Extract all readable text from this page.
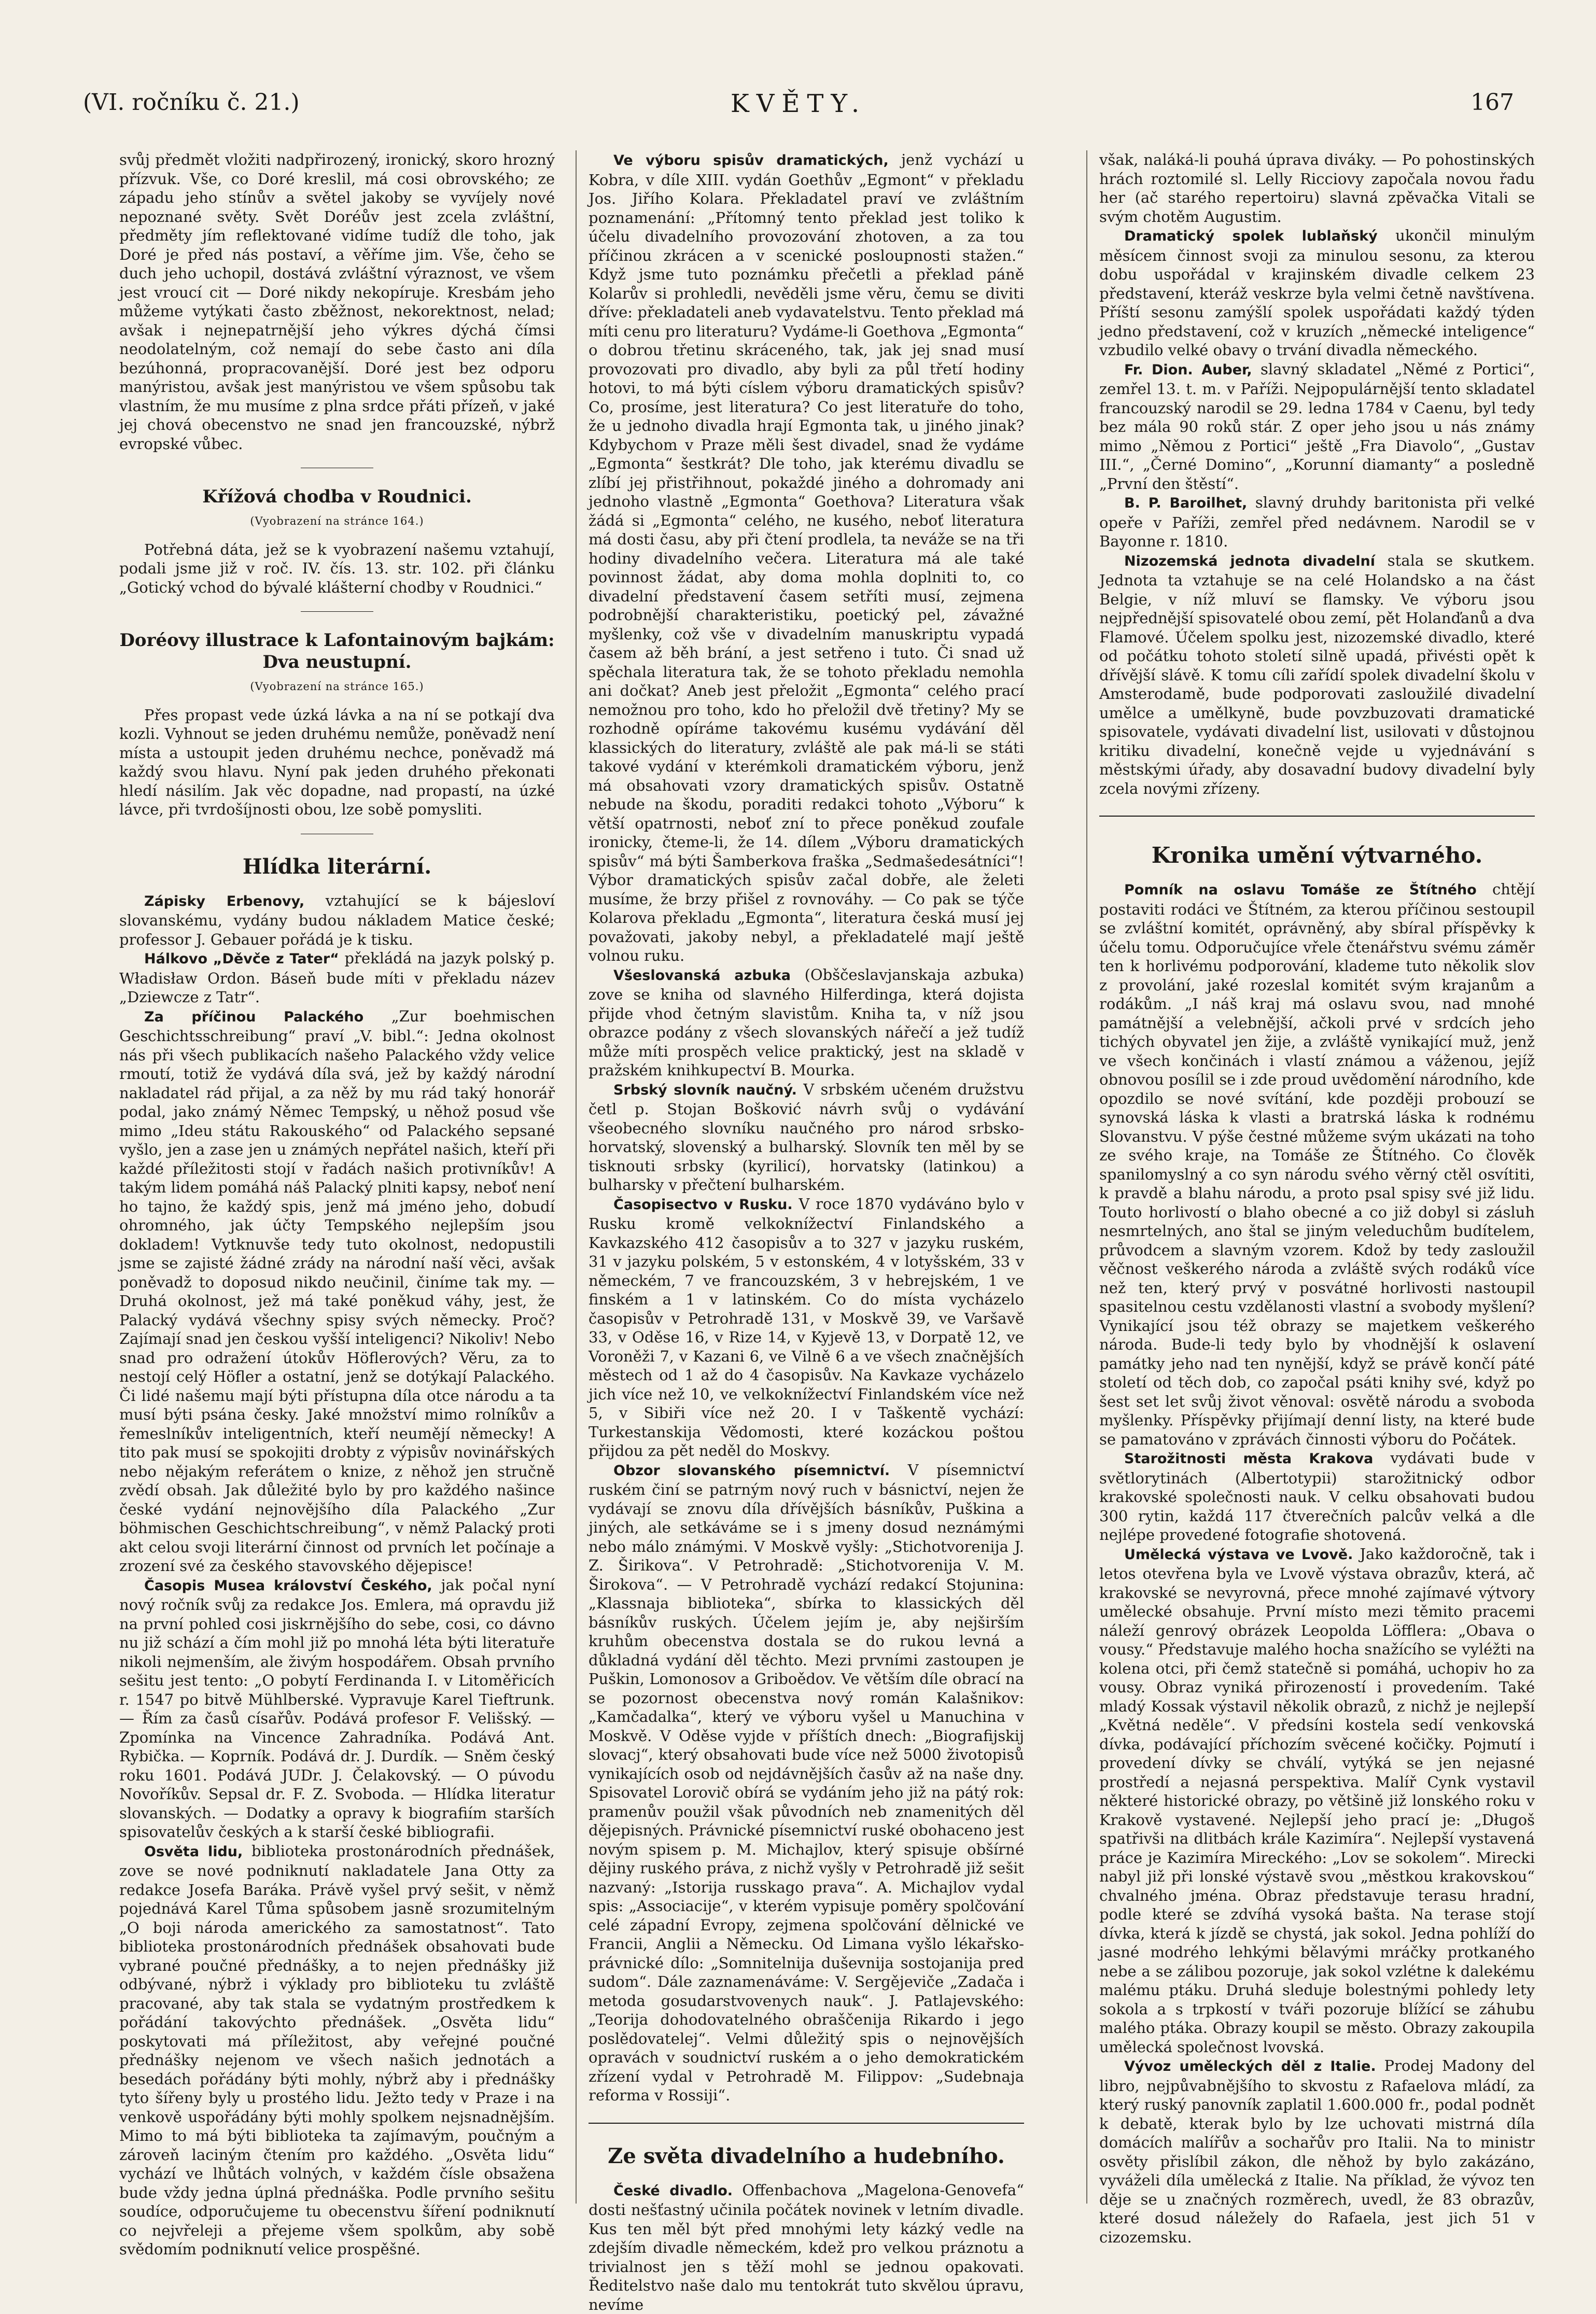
(VI. ročníku č. 21.)	KVĚTY.	167

svůj předmět vložiti nadpřirozený, ironický, skoro hrozný přízvuk. Vše, co Doré kreslil, má cosi obrovského; ze západu jeho stínův a světel jakoby se vyvíjely nové nepoznané světy. Svět Doréův jest zcela zvláštní, předměty jím reflektované vidíme tudíž dle toho, jak Doré je před nás postaví, a věříme jim. Vše, čeho se duch jeho uchopil, dostává zvláštní výraznost, ve všem jest vroucí cit — Doré nikdy nekopíruje. Kresbám jeho můžeme vytýkati často zběžnost, nekorektnost, nelad; avšak i nejnepatrnější jeho výkres dýchá čímsi neodolatelným, což nemají do sebe často ani díla bezúhonná, propracovanější. Doré jest bez odporu manýristou, avšak jest manýristou ve všem spůsobu tak vlastním, že mu musíme z plna srdce přáti přízeň, v jaké jej chová obecenstvo ne snad jen francouzské, nýbrž evropské vůbec.

Křížová chodba v Roudnici.
(Vyobrazení na stránce 164.)

Potřebná dáta, jež se k vyobrazení našemu vztahují, podali jsme již v roč. IV. čís. 13. str. 102. při článku „Gotický vchod do bývalé klášterní chodby v Roudnici.“

Doréovy illustrace k Lafontainovým bajkám: Dva neustupní.
(Vyobrazení na stránce 165.)

Přes propast vede úzká lávka a na ní se potkají dva kozli. Vyhnout se jeden druhému nemůže, poněvadž není místa a ustoupit jeden druhému nechce, poněvadž má každý svou hlavu. Nyní pak jeden druhého překonati hledí násilím. Jak věc dopadne, nad propastí, na úzké lávce, při tvrdošíjnosti obou, lze sobě pomysliti.

Hlídka literární.

Zápisky Erbenovy, vztahující se k bájesloví slovanskému, vydány budou nákladem Matice české; professor J. Gebauer pořádá je k tisku.

Hálkovo „Děvče z Tater“ překládá na jazyk polský p. Władisław Ordon. Báseň bude míti v překladu název „Dziewcze z Tatr“.

Za příčinou Palackého „Zur boehmischen Geschichtsschreibung“ praví „V. bibl.“: Jedna okolnost nás při všech publikacích našeho Palackého vždy velice rmoutí, totiž že vydává díla svá, jež by každý národní nakladatel rád přijal, a za něž by mu rád taký honorář podal, jako známý Němec Tempský, u něhož posud vše mimo „Ideu státu Rakouského“ od Palackého sepsané vyšlo, jen a zase jen u známých nepřátel našich, kteří při každé příležitosti stojí v řadách našich protivníkův! A takým lidem pomáhá náš Palacký plniti kapsy, neboť není ho tajno, že každý spis, jenž má jméno jeho, dobudí ohromného, jak účty Tempského nejlepším jsou dokladem! Vytknuvše tedy tuto okolnost, nedopustili jsme se zajisté žádné zrády na národní naší věci, avšak poněvadž to doposud nikdo neučinil, činíme tak my. — Druhá okolnost, jež má také poněkud váhy, jest, že Palacký vydává všechny spisy svých německy. Proč? Zajímají snad jen českou vyšší inteligenci? Nikoliv! Nebo snad pro odražení útokův Höflerových? Věru, za to nestojí celý Höfler a ostatní, jenž se dotýkají Palackého. Či lidé našemu mají býti přístupna díla otce národu a ta musí býti psána česky. Jaké množství mimo rolníkův a řemeslníkův inteligentních, kteří neumějí německy! A tito pak musí se spokojiti drobty z výpisův novinářských nebo nějakým referátem o knize, z něhož jen stručně zvědí obsah. Jak důležité bylo by pro každého našince české vydání nejnovějšího díla Palackého „Zur böhmischen Geschichtschreibung“, v němž Palacký proti akt celou svoji literární činnost od prvních let počínaje a zrození své za českého stavovského dějepisce!

Časopis Musea království Českého, jak počal nyní nový ročník svůj za redakce Jos. Emlera, má opravdu již na první pohled cosi jiskrnějšího do sebe, cosi, co dávno nu již schází a čím mohl již po mnohá léta býti literatuře nikoli nejmenším, ale živým hospodářem. Obsah prvního sešitu jest tento: „O pobytí Ferdinanda I. v Litoměřicích r. 1547 po bitvě Mühlberské. Vypravuje Karel Tieftrunk. — Řím za časů císařův. Podává profesor F. Velišský. — Zpomínka na Vincence Zahradníka. Podává Ant. Rybička. — Koprník. Podává dr. J. Durdík. — Sněm český roku 1601. Podává JUDr. J. Čelakovský. — O púvodu Novoříkův. Sepsal dr. F. Z. Svoboda. — Hlídka literatur slovanských. — Dodatky a opravy k biografiím starších spisovatelův českých a k starší české bibliografii.

Osvěta lidu, biblioteka prostonárodních přednášek, zove se nové podniknutí nakladatele Jana Otty za redakce Josefa Baráka. Právě vyšel prvý sešit, v němž pojednává Karel Tůma spůsobem jasně srozumitelným „O boji národa amerického za samostatnost“. Tato biblioteka prostonárodních přednášek obsahovati bude vybrané poučné přednášky, a to nejen přednášky již odbývané, nýbrž i výklady pro biblioteku tu zvláště pracované, aby tak stala se vydatným prostředkem k pořádání takovýchto přednášek. „Osvěta lidu“ poskytovati má příležitost, aby veřejné poučné přednášky nejenom ve všech našich jednotách a besedách pořádány býti mohly, nýbrž aby i přednášky tyto šířeny byly u prostého lidu. Ježto tedy v Praze i na venkově uspořádány býti mohly spolkem nejsnadnějším. Mimo to má býti biblioteka ta zajímavým, poučným a zároveň laciným čtením pro každého. „Osvěta lidu“ vychází ve lhůtách volných, v každém čísle obsažena bude vždy jedna úplná přednáška. Podle prvního sešitu soudíce, odporučujeme tu obecenstvu šíření podniknutí co nejvřeleji a přejeme všem spolkům, aby sobě svědomím podniknutí velice prospěšné.

Ve výboru spisův dramatických, jenž vychází u Kobra, v díle XIII. vydán Goethův „Egmont“ v překladu Jos. Jiřího Kolara. Překladatel praví ve zvláštním poznamenání: „Přítomný tento překlad jest toliko k účelu divadelního provozování zhotoven, a za tou příčinou zkrácen a v scenické posloupnosti stažen.“ Když jsme tuto poznámku přečetli a překlad páně Kolarův si prohledli, nevěděli jsme věru, čemu se diviti dříve: překladateli aneb vydavatelstvu. Tento překlad má míti cenu pro literaturu? Vydáme-li Goethova „Egmonta“ o dobrou třetinu skráceného, tak, jak jej snad musí provozovati pro divadlo, aby byli za půl třetí hodiny hotovi, to má býti císlem výboru dramatických spisův? Co, prosíme, jest literatura? Co jest literatuře do toho, že u jednoho divadla hrají Egmonta tak, u jiného jinak? Kdybychom v Praze měli šest divadel, snad že vydáme „Egmonta“ šestkrát? Dle toho, jak kterému divadlu se zlíbí jej přistřihnout, pokaždé jiného a dohromady ani jednoho vlastně „Egmonta“ Goethova? Literatura však žádá si „Egmonta“ celého, ne kusého, neboť literatura má dosti času, aby při čtení prodlela, ta neváže se na tři hodiny divadelního večera. Literatura má ale také povinnost žádat, aby doma mohla doplniti to, co divadelní představení časem setříti musí, zejmena podrobnější charakteristiku, poetický pel, závažné myšlenky, což vše v divadelním manuskriptu vypadá časem až běh brání, a jest setřeno i tuto. Či snad už spěchala literatura tak, že se tohoto překladu nemohla ani dočkat? Aneb jest přeložit „Egmonta“ celého prací nemožnou pro toho, kdo ho přeložil dvě třetiny? My se rozhodně opíráme takovému kusému vydávání děl klassických do literatury, zvláště ale pak má-li se státi takové vydání v kterémkoli dramatickém výboru, jenž má obsahovati vzory dramatických spisův. Ostatně nebude na škodu, poraditi redakci tohoto „Výboru“ k větší opatrnosti, neboť zní to přece poněkud zoufale ironicky, čteme-li, že 14. dílem „Výboru dramatických spisův“ má býti Šamberkova fraška „Sedmašedesátníci“! Výbor dramatických spisův začal dobře, ale želeti musíme, že brzy přišel z rovnováhy. — Co pak se týče Kolarova překladu „Egmonta“, literatura česká musí jej považovati, jakoby nebyl, a překladatelé mají ještě volnou ruku.

Všeslovanská azbuka (Obščeslavjanskaja azbuka) zove se kniha od slavného Hilferdinga, která dojista přijde vhod četným slavistům. Kniha ta, v níž jsou obrazce podány z všech slovanských nářečí a jež tudíž může míti prospěch velice praktický, jest na skladě v pražském knihkupectví B. Mourka.

Srbský slovník naučný. V srbském učeném družstvu četl p. Stojan Bošković návrh svůj o vydávání všeobecného slovníku naučného pro národ srbsko-horvatský, slovenský a bulharský. Slovník ten měl by se tisknouti srbsky (kyrilicí), horvatsky (latinkou) a bulharsky v přečtení bulharském.

Časopisectvo v Rusku. V roce 1870 vydáváno bylo v Rusku kromě velkoknížectví Finlandského a Kavkazského 412 časopisův a to 327 v jazyku ruském, 31 v jazyku polském, 5 v estonském, 4 v lotyšském, 33 v německém, 7 ve francouzském, 3 v hebrejském, 1 ve finském a 1 v latinském. Co do místa vycházelo časopisův v Petrohradě 131, v Moskvě 39, ve Varšavě 33, v Oděse 16, v Rize 14, v Kyjevě 13, v Dorpatě 12, ve Voroněži 7, v Kazani 6, ve Vilně 6 a ve všech značnějších městech od 1 až do 4 časopisův. Na Kavkaze vycházelo jich více než 10, ve velkoknížectví Finlandském více než 5, v Sibiři více než 20. I v Taškentě vychází: Turkestanskija Vědomosti, které kozáckou poštou přijdou za pět neděl do Moskvy.

Obzor slovanského písemnictví. V písemnictví ruském činí se patrným nový ruch v básnictví, nejen že vydávají se znovu díla dřívějších básníkův, Puškina a jiných, ale setkáváme se i s jmeny dosud neznámými nebo málo známými. V Moskvě vyšly: „Stichotvorenija J. Z. Širikova“. V Petrohradě: „Stichotvorenija V. M. Širokova“. — V Petrohradě vychází redakcí Stojunina: „Klassnaja biblioteka“, sbírka to klassických děl básníkův ruských. Účelem jejím je, aby nejširším kruhům obecenstva dostala se do rukou levná a důkladná vydání děl těchto. Mezi prvními zastoupen je Puškin, Lomonosov a Griboědov. Ve větším díle obrací na se pozornost obecenstva nový román Kalašnikov: „Kamčadalka“, který ve výboru vyšel u Manuchina v Moskvě. V Oděse vyjde v příštích dnech: „Biografijskij slovacj“, který obsahovati bude více než 5000 životopisů vynikajících osob od nejdávnějších časův až na naše dny. Spisovatel Lorovič obírá se vydáním jeho již na pátý rok: pramenův použil však původních neb znamenitých děl dějepisných. Právnické písemnictví ruské obohaceno jest novým spisem p. M. Michajlov, který spisuje obšírné dějiny ruského práva, z nichž vyšly v Petrohradě již sešit nazvaný: „Istorija russkago prava“. A. Michajlov vydal spis: „Associacije“, v kterém vypisuje poměry spolčování celé západní Evropy, zejmena spolčování dělnické ve Francii, Anglii a Německu. Od Limana vyšlo lékařsko-právnické dílo: „Somnitelnija duševnija sostojanija pred sudom“. Dále zaznamenáváme: V. Sergějeviče „Zadača i metoda gosudarstvovenych nauk“. J. Patlajevského: „Teorija dohodovatelného obraščenija Rikardo i jego poslědovatelej“. Velmi důležitý spis o nejnovějších opravách v soudnictví ruském a o jeho demokratickém zřízení vydal v Petrohradě M. Filippov: „Sudebnaja reforma v Rossiji“.

Ze světa divadelního a hudebního.

České divadlo. Offenbachova „Magelona-Genovefa“ dosti nešťastný učinila počátek novinek v letním divadle. Kus ten měl být před mnohými lety kázký vedle na zdejším divadle německém, kdež pro velkou práznotu a trivialnost jen s těží mohl se jednou opakovati. Ředitelstvo naše dalo mu tentokrát tuto skvělou úpravu, nevíme

však, naláká-li pouhá úprava diváky. — Po pohostinských hrách roztomilé sl. Lelly Ricciovy započala novou řadu her (ač starého repertoiru) slavná zpěvačka Vitali se svým chotěm Augustim.

Dramatický spolek lublaňský ukončil minulým měsícem činnost svoji za minulou sesonu, za kterou dobu uspořádal v krajinském divadle celkem 23 představení, kteráž veskrze byla velmi četně navštívena. Příští sesonu zamýšlí spolek uspořádati každý týden jedno představení, což v kruzích „německé inteligence“ vzbudilo velké obavy o trvání divadla německého.

Fr. Dion. Auber, slavný skladatel „Němé z Portici“, zemřel 13. t. m. v Paříži. Nejpopulárnější tento skladatel francouzský narodil se 29. ledna 1784 v Caenu, byl tedy bez mála 90 roků stár. Z oper jeho jsou u nás známy mimo „Němou z Portici“ ještě „Fra Diavolo“, „Gustav III.“, „Černé Domino“, „Korunní diamanty“ a posledně „První den štěstí“.

B. P. Baroilhet, slavný druhdy baritonista při velké opeře v Paříži, zemřel před nedávnem. Narodil se v Bayonne r. 1810.

Nizozemská jednota divadelní stala se skutkem. Jednota ta vztahuje se na celé Holandsko a na část Belgie, v níž mluví se flamsky. Ve výboru jsou nejpřednější spisovatelé obou zemí, pět Holanďanů a dva Flamové. Účelem spolku jest, nizozemské divadlo, které od počátku tohoto století silně upadá, přivésti opět k dřívější slávě. K tomu cíli zařídí spolek divadelní školu v Amsterodamě, bude podporovati zasloužilé divadelní umělce a umělkyně, bude povzbuzovati dramatické spisovatele, vydávati divadelní list, usilovati v důstojnou kritiku divadelní, konečně vejde u vyjednávání s městskými úřady, aby dosavadní budovy divadelní byly zcela novými zřízeny.

Kronika umění výtvarného.

Pomník na oslavu Tomáše ze Štítného chtějí postaviti rodáci ve Štítném, za kterou příčinou sestoupil se zvláštní komitét, oprávněný, aby sbíral příspěvky k účelu tomu. Odporučujíce vřele čtenářstvu svému záměr ten k horlivému podporování, klademe tuto několik slov z provolání, jaké rozeslal komitét svým krajanům a rodákům. „I náš kraj má oslavu svou, nad mnohé památnější a velebnější, ačkoli prvé v srdcích jeho tichých obyvatel jen žije, a zvláště vynikající muž, jenž ve všech končinách i vlastí známou a váženou, jejíž obnovou posílil se i zde proud uvědomění národního, kde opozdilo se nové svítání, kde později probouzí se synovská láska k vlasti a bratrská láska k rodnému Slovanstvu. V pýše čestné můžeme svým ukázati na toho ze svého kraje, na Tomáše ze Štítného. Co člověk spanilomyslný a co syn národu svého věrný ctěl osvítiti, k pravdě a blahu národu, a proto psal spisy své již lidu. Touto horlivostí o blaho obecné a co již dobyl si zásluh nesmrtelných, ano štal se jiným veleduchům budítelem, průvodcem a slavným vzorem. Kdož by tedy zasloužil věčnost veškerého národa a zvláště svých rodáků více než ten, který prvý v posvátné horlivosti nastoupil spasitelnou cestu vzdělanosti vlastní a svobody myšlení? Vynikající jsou též obrazy se majetkem veškerého národa. Bude-li tedy bylo by vhodnější k oslavení památky jeho nad ten nynější, když se právě končí páté století od těch dob, co započal psáti knihy své, když po šest set let svůj život věnoval: osvětě národu a svoboda myšlenky. Příspěvky přijímají denní listy, na které bude se pamatováno v zprávách činnosti výboru do Počátek.

Starožitnosti města Krakova vydávati bude v světlorytinách (Albertotypii) starožitnický odbor krakovské společnosti nauk. V celku obsahovati budou 300 rytin, každá 117 čtverečních palcův velká a dle nejlépe provedené fotografie shotovená.

Umělecká výstava ve Lvově. Jako každoročně, tak i letos otevřena byla ve Lvově výstava obrazův, která, ač krakovské se nevyrovná, přece mnohé zajímavé výtvory umělecké obsahuje. První místo mezi těmito pracemi náleží genrový obrázek Leopolda Löfflera: „Obava o vousy.“ Představuje malého hocha snažícího se vyléžti na kolena otci, při čemž statečně si pomáhá, uchopiv ho za vousy. Obraz vyniká přirozeností i provedením. Také mladý Kossak výstavil několik obrazů, z nichž je nejlepší „Květná neděle“. V předsíni kostela sedí venkovská dívka, podávající příchozím svěcené kočičky. Pojmutí i provedení dívky se chválí, vytýká se jen nejasné prostředí a nejasná perspektiva. Malíř Cynk vystavil některé historické obrazy, po většině již lonského roku v Krakově vystavené. Nejlepší jeho prací je: „Długoš spatřivši na dlitbách krále Kazimíra“. Nejlepší vystavená práce je Kazimíra Mireckého: „Lov se sokolem“. Mirecki nabyl již při lonské výstavě svou „městkou krakovskou“ chvalného jména. Obraz představuje terasu hradní, podle které se zdvíhá vysoká bašta. Na terase stojí dívka, která k jízdě se chystá, jak sokol. Jedna pohlíží do jasné modrého lehkými bělavými mráčky protkaného nebe a se zálibou pozoruje, jak sokol vzlétne k dalekému malému ptáku. Druhá sleduje bolestnými pohledy lety sokola a s trpkostí v tváři pozoruje blížící se záhubu malého ptáka. Obrazy koupil se město. Obrazy zakoupila umělecká společnost lvovská.

Vývoz uměleckých děl z Italie. Prodej Madony del libro, nejpůvabnějšího to skvostu z Rafaelova mládí, za který ruský panovník zaplatil 1.600.000 fr., podal podnět k debatě, kterak bylo by lze uchovati mistrná díla domácích malířův a sochařův pro Italii. Na to ministr osvěty přislíbil zákon, dle něhož by bylo zakázáno, vyváželi díla umělecká z Italie. Na příklad, že vývoz ten děje se u značných rozměrech, uvedl, že 83 obrazův, které dosud náležely do Rafaela, jest jich 51 v cizozemsku.
